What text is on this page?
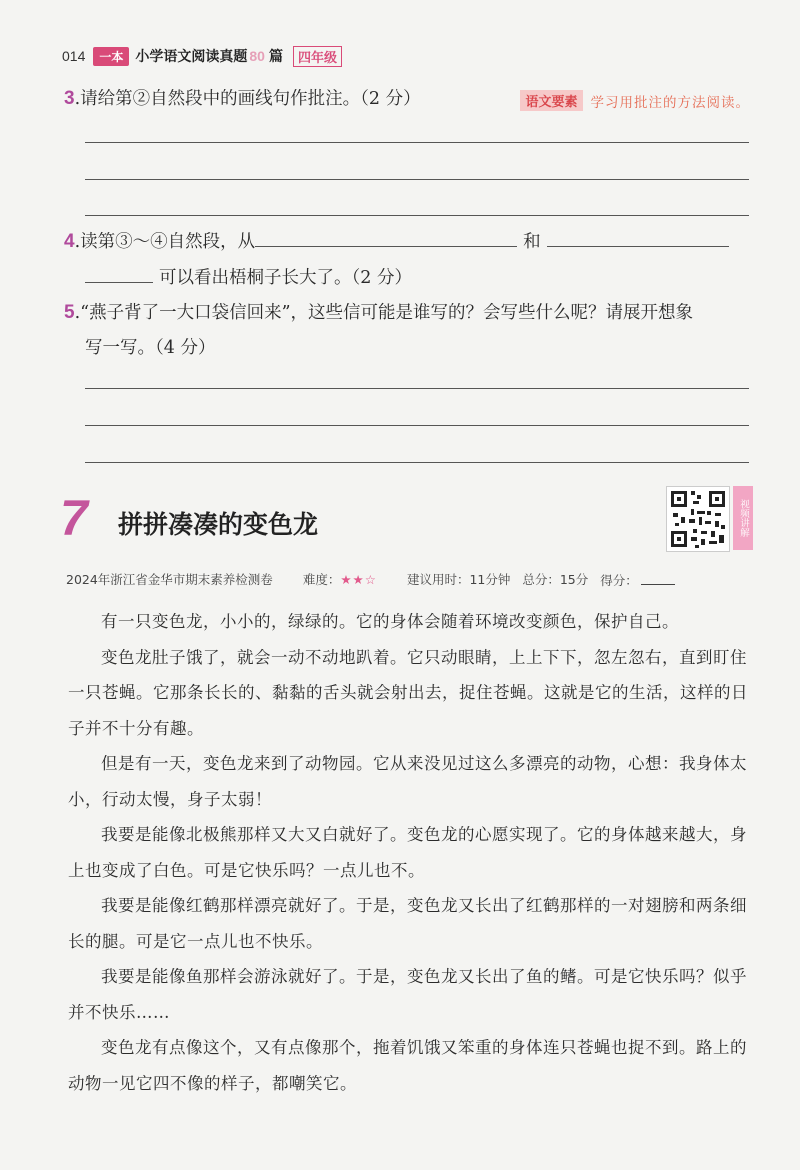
014	一本 小学语文阅读真题 80 篇	四年级
3.请给第②自然段中的画线句作批注。（2 分）	语文要素 学习用批注的方法阅读。
4.读第③～④自然段，从	和
可以看出梧桐子长大了。（2 分）
5.“燕子背了一大口袋信回来”，这些信可能是谁写的？会写些什么呢？请展开想象
写一写。（4 分）
7 拼拼凑凑的变色龙	视频讲解
2024年浙江省金华市期末素养检测卷 难度：★★☆ 建议用时：11分钟 总分：15分 得分：

有一只变色龙，小小的，绿绿的。它的身体会随着环境改变颜色，保护自己。

变色龙肚子饿了，就会一动不动地趴着。它只动眼睛，上上下下，忽左忽右，直到盯住一只苍蝇。它那条长长的、黏黏的舌头就会射出去，捉住苍蝇。这就是它的生活，这样的日子并不十分有趣。

但是有一天，变色龙来到了动物园。它从来没见过这么多漂亮的动物，心想：我身体太小，行动太慢，身子太弱！

我要是能像北极熊那样又大又白就好了。变色龙的心愿实现了。它的身体越来越大，身上也变成了白色。可是它快乐吗？一点儿也不。

我要是能像红鹤那样漂亮就好了。于是，变色龙又长出了红鹤那样的一对翅膀和两条细长的腿。可是它一点儿也不快乐。

我要是能像鱼那样会游泳就好了。于是，变色龙又长出了鱼的鳍。可是它快乐吗？似乎并不快乐……

变色龙有点像这个，又有点像那个，拖着饥饿又笨重的身体连只苍蝇也捉不到。路上的动物一见它四不像的样子，都嘲笑它。
